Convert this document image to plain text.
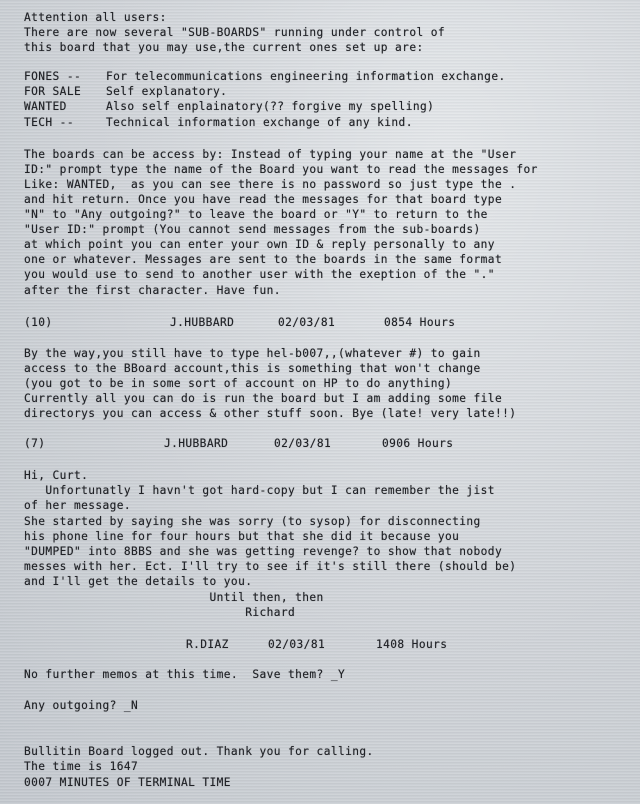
Attention all users:
There are now several "SUB-BOARDS" running under control of
this board that you may use,the current ones set up are:
FONES -- For telecommunications engineering information exchange.
FOR SALE Self explanatory.
WANTED	Also self enplainatory(?? forgive my spelling)
TECH --	Technical information exchange of any kind.
The boards can be access by: Instead of typing your name at the "User
ID:" prompt type the name of the Board you want to read the messages for
Like: WANTED,  as you can see there is no password so just type the .
and hit return. Once you have read the messages for that board type
"N" to "Any outgoing?" to leave the board or "Y" to return to the
"User ID:" prompt (You cannot send messages from the sub-boards)
at which point you can enter your own ID & reply personally to any
one or whatever. Messages are sent to the boards in the same format
you would use to send to another user with the exeption of the "."
after the first character. Have fun.
(10)	J.HUBBARD	02/03/81	0854 Hours
By the way,you still have to type hel-b007,,(whatever #) to gain
access to the BBoard account,this is something that won't change
(you got to be in some sort of account on HP to do anything)
Currently all you can do is run the board but I am adding some file
directorys you can access & other stuff soon. Bye (late! very late!!)
(7)	J.HUBBARD	02/03/81	0906 Hours
Hi, Curt.
Unfortunatly I havn't got hard-copy but I can remember the jist
of her message.
She started by saying she was sorry (to sysop) for disconnecting
his phone line for four hours but that she did it because you
"DUMPED" into 8BBS and she was getting revenge? to show that nobody
messes with her. Ect. I'll try to see if it's still there (should be)
and I'll get the details to you.
Until then, then
Richard
R.DIAZ	02/03/81	1408 Hours
No further memos at this time.  Save them? _Y
Any outgoing? _N
Bullitin Board logged out. Thank you for calling.
The time is 1647
0007 MINUTES OF TERMINAL TIME
